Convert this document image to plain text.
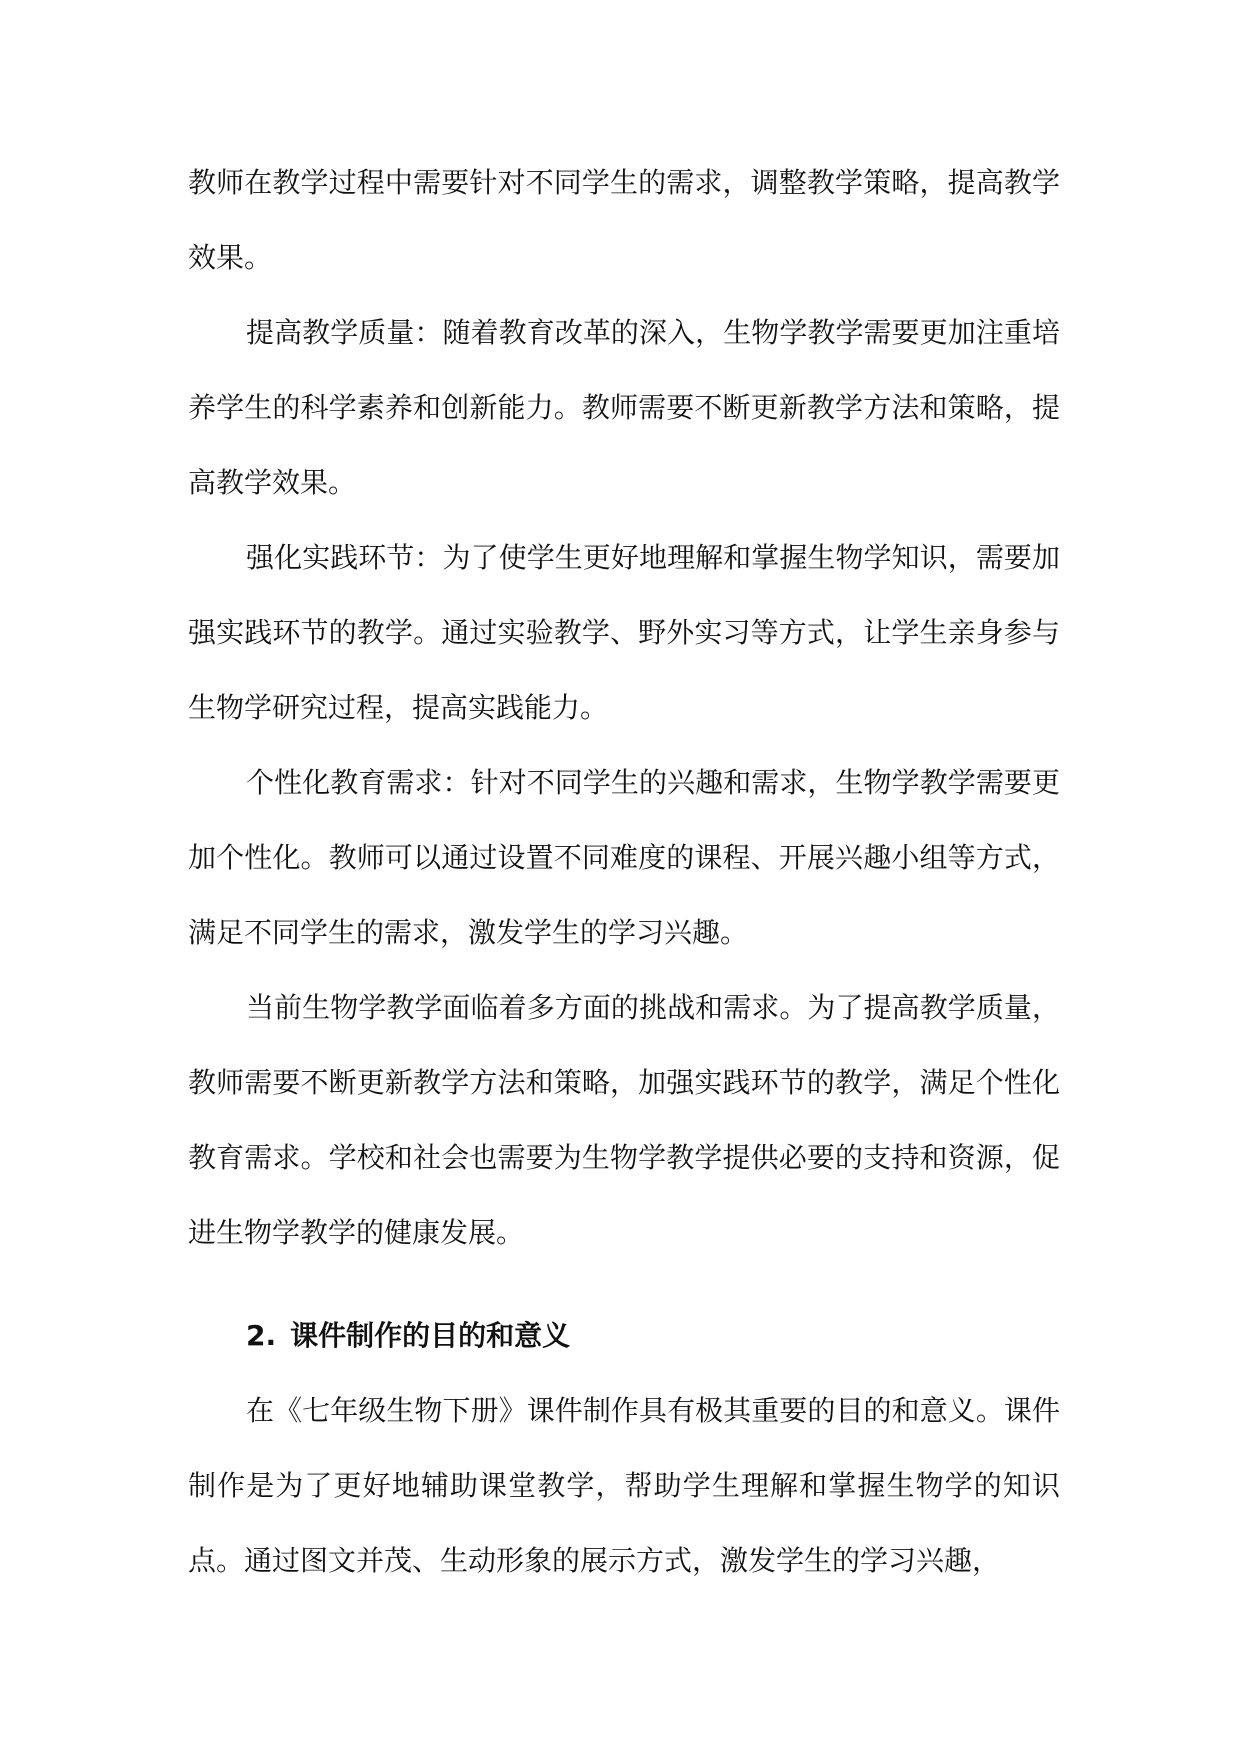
教师在教学过程中需要针对不同学生的需求，调整教学策略，提高教学效果。

提高教学质量：随着教育改革的深入，生物学教学需要更加注重培养学生的科学素养和创新能力。教师需要不断更新教学方法和策略，提高教学效果。

强化实践环节：为了使学生更好地理解和掌握生物学知识，需要加强实践环节的教学。通过实验教学、野外实习等方式，让学生亲身参与生物学研究过程，提高实践能力。

个性化教育需求：针对不同学生的兴趣和需求，生物学教学需要更加个性化。教师可以通过设置不同难度的课程、开展兴趣小组等方式，满足不同学生的需求，激发学生的学习兴趣。

当前生物学教学面临着多方面的挑战和需求。为了提高教学质量，教师需要不断更新教学方法和策略，加强实践环节的教学，满足个性化教育需求。学校和社会也需要为生物学教学提供必要的支持和资源，促进生物学教学的健康发展。

2. 课件制作的目的和意义

在《七年级生物下册》课件制作具有极其重要的目的和意义。课件制作是为了更好地辅助课堂教学，帮助学生理解和掌握生物学的知识点。通过图文并茂、生动形象的展示方式，激发学生的学习兴趣，
